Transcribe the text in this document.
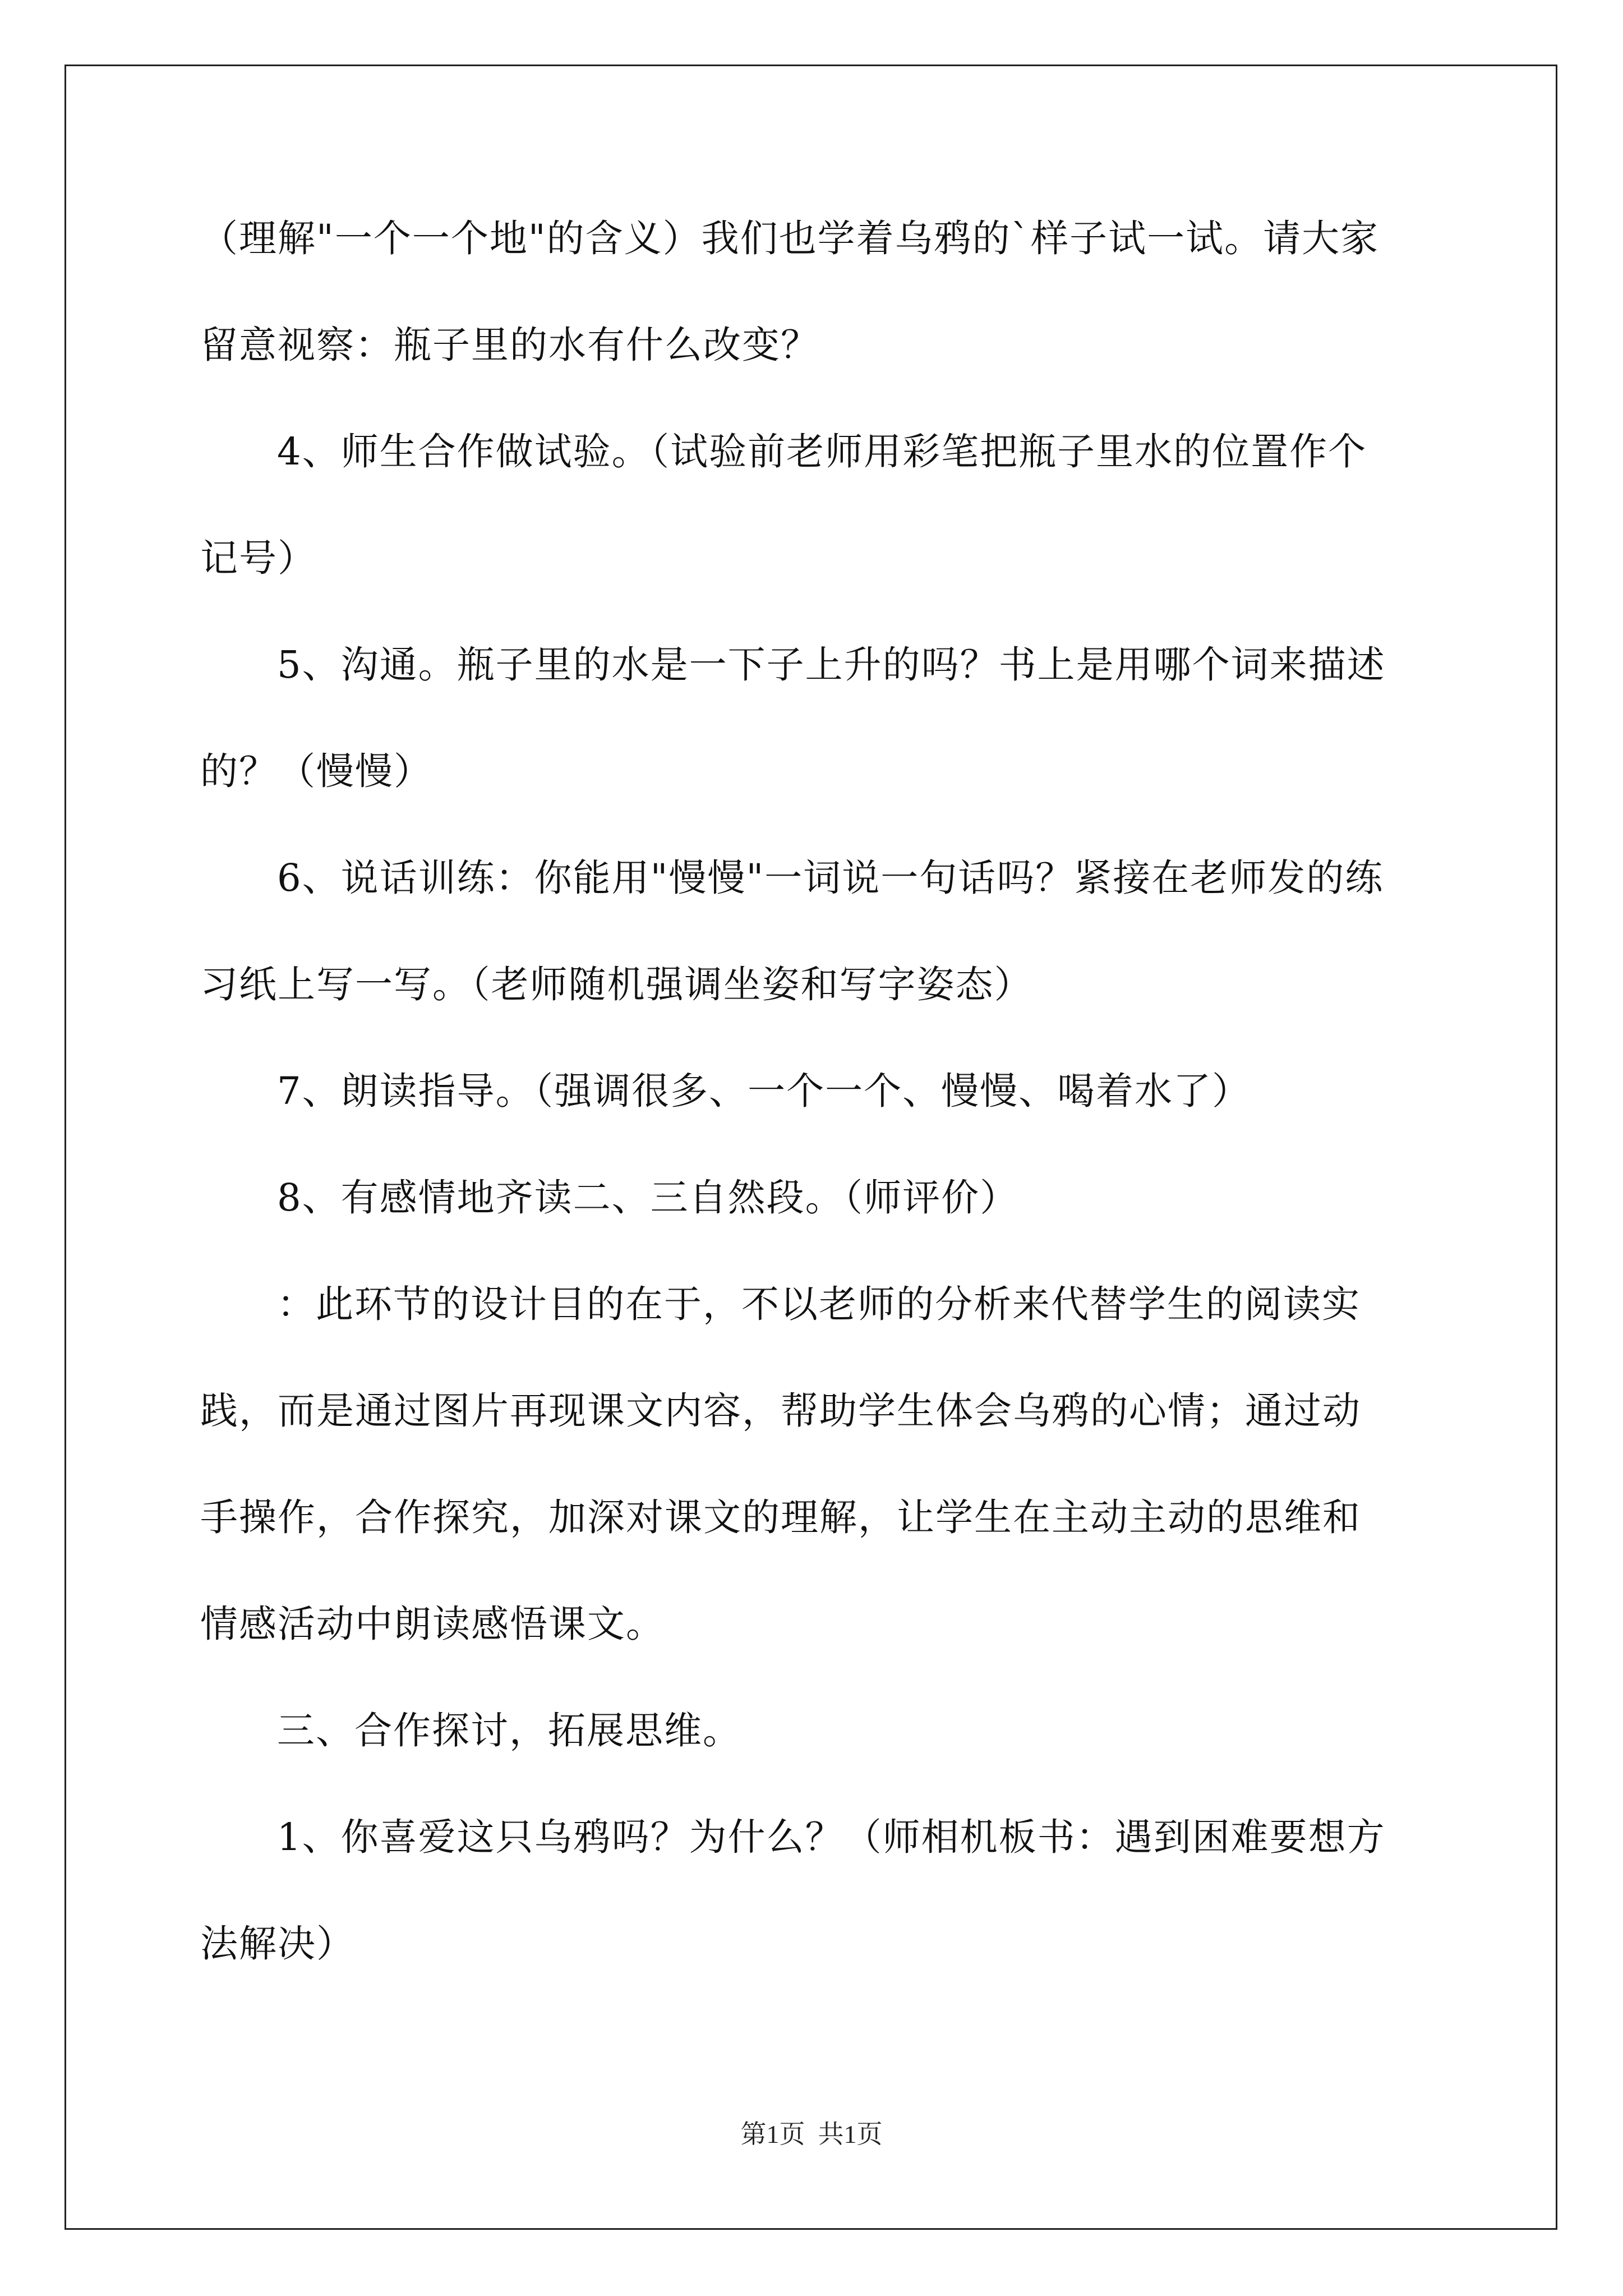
（理解"一个一个地"的含义）我们也学着乌鸦的`样子试一试。请大家
留意视察：瓶子里的水有什么改变？
4、师生合作做试验。（试验前老师用彩笔把瓶子里水的位置作个
记号）
5、沟通。瓶子里的水是一下子上升的吗？书上是用哪个词来描述
的？（慢慢）
6、说话训练：你能用"慢慢"一词说一句话吗？紧接在老师发的练
习纸上写一写。（老师随机强调坐姿和写字姿态）
7、朗读指导。（强调很多、一个一个、慢慢、喝着水了）
8、有感情地齐读二、三自然段。（师评价）
：此环节的设计目的在于，不以老师的分析来代替学生的阅读实
践，而是通过图片再现课文内容，帮助学生体会乌鸦的心情；通过动
手操作，合作探究，加深对课文的理解，让学生在主动主动的思维和
情感活动中朗读感悟课文。
三、合作探讨，拓展思维。
1、你喜爱这只乌鸦吗？为什么？（师相机板书：遇到困难要想方
法解决）
第1页  共1页
